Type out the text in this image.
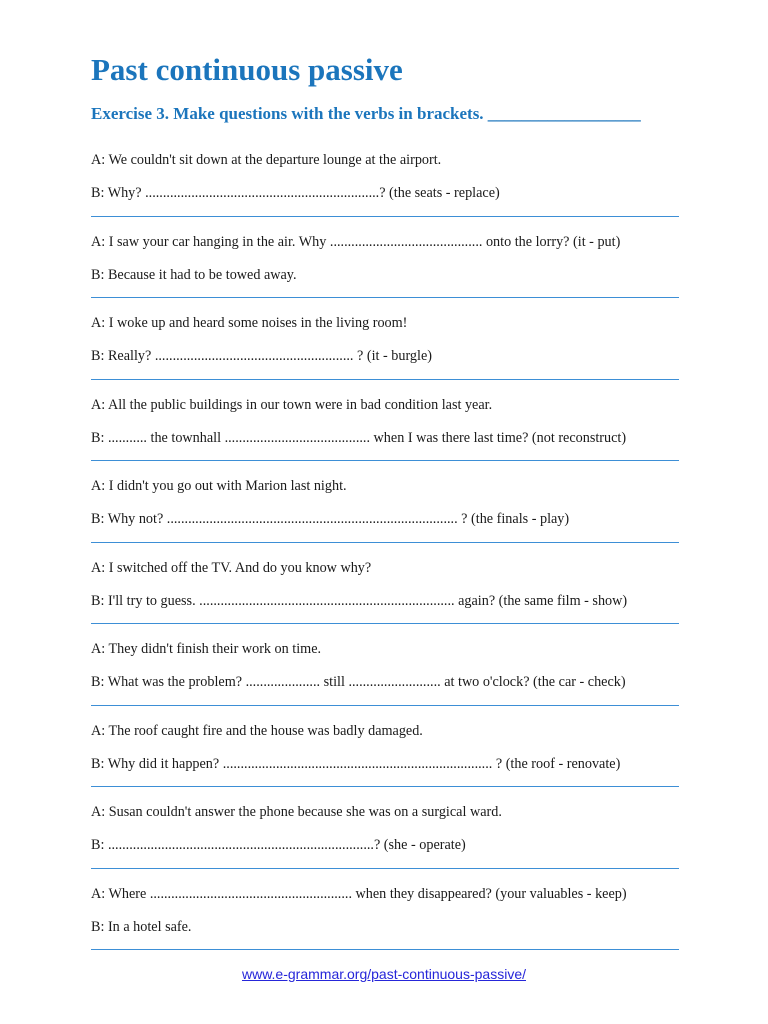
Past continuous passive
Exercise 3. Make questions with the verbs in brackets. __________________
A: We couldn't sit down at the departure lounge at the airport.
B: Why? ..................................................................? (the seats - replace)
A: I saw your car hanging in the air. Why ........................................... onto the lorry? (it - put)
B: Because it had to be towed away.
A: I woke up and heard some noises in the living room!
B: Really? ........................................................ ? (it - burgle)
A: All the public buildings in our town were in bad condition last year.
B: ........... the townhall ......................................... when I was there last time? (not reconstruct)
A: I didn't you go out with Marion last night.
B: Why not? .................................................................................. ? (the finals - play)
A: I switched off the TV. And do you know why?
B: I'll try to guess. ........................................................................ again? (the same film - show)
A: They didn't finish their work on time.
B: What was the problem? ..................... still .......................... at two o'clock? (the car - check)
A: The roof caught fire and the house was badly damaged.
B: Why did it happen? ............................................................................ ? (the roof - renovate)
A: Susan couldn't answer the phone because she was on a surgical ward.
B: ...........................................................................? (she - operate)
A: Where ......................................................... when they disappeared? (your valuables - keep)
B: In a hotel safe.
www.e-grammar.org/past-continuous-passive/
